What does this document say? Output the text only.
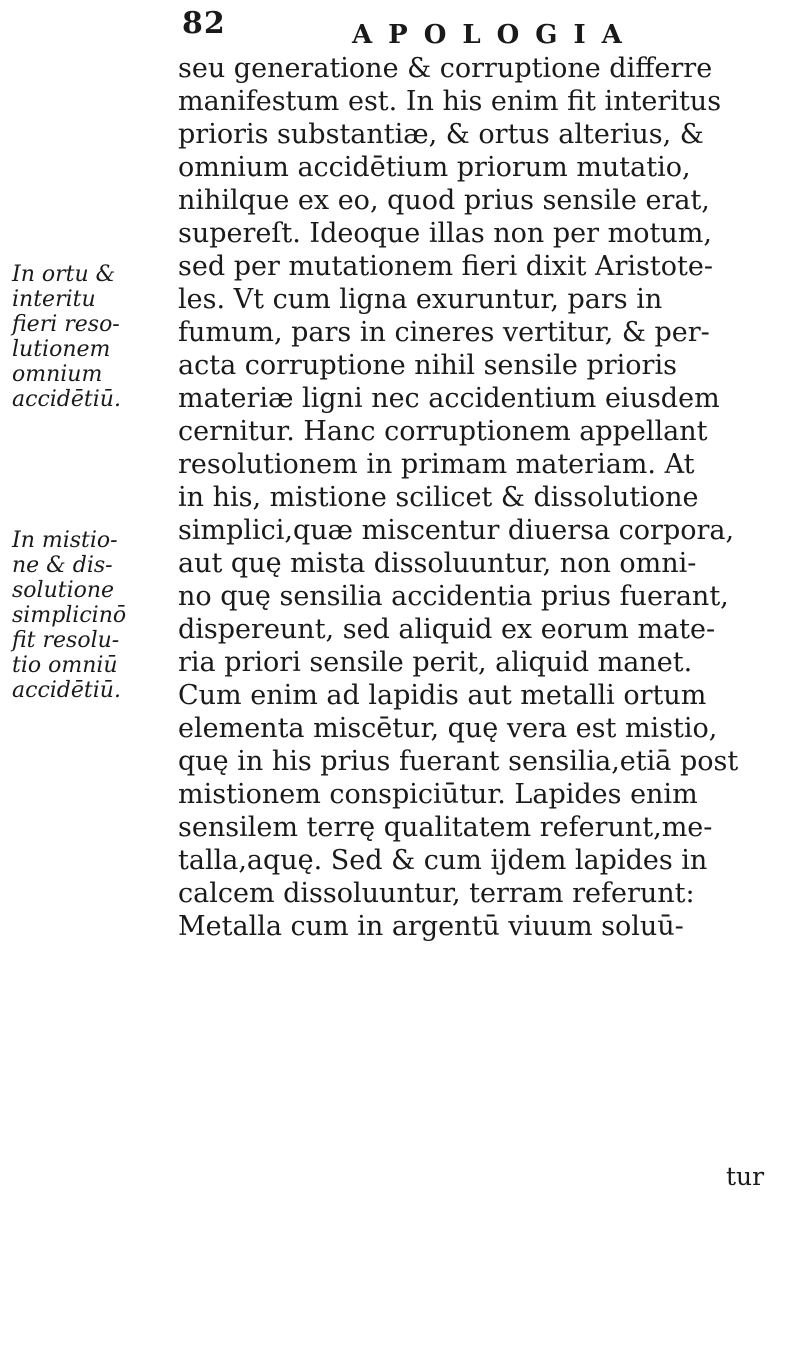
82	APOLOGIA
seu generatione & corruptione differre
manifestum est. In his enim fit interitus
prioris substantiæ, & ortus alterius, &
omnium accidētium priorum mutatio,
nihilque ex eo, quod prius sensile erat,
supereſt. Ideoque illas non per motum,
sed per mutationem fieri dixit Aristote-
les. Vt cum ligna exuruntur, pars in
fumum, pars in cineres vertitur, & per-
acta corruptione nihil sensile prioris
materiæ ligni nec accidentium eiusdem
cernitur. Hanc corruptionem appellant
resolutionem in primam materiam. At
in his, mistione scilicet & dissolutione
simplici,quæ miscentur diuersa corpora,
aut quę mista dissoluuntur, non omni-
no quę sensilia accidentia prius fuerant,
dispereunt, sed aliquid ex eorum mate-
ria priori sensile perit, aliquid manet.
Cum enim ad lapidis aut metalli ortum
elementa miscētur, quę vera est mistio,
quę in his prius fuerant sensilia,etiā post
mistionem conspiciūtur. Lapides enim
sensilem terrę qualitatem referunt,me-
talla,aquę. Sed & cum ijdem lapides in
calcem dissoluuntur, terram referunt:
Metalla cum in argentū viuum soluū-
In ortu &
interitu
fieri reso-
lutionem
omnium
accidētiū.
In mistio-
ne & dis-
solutione
simplicinō
fit resolu-
tio omniū
accidētiū.
tur
